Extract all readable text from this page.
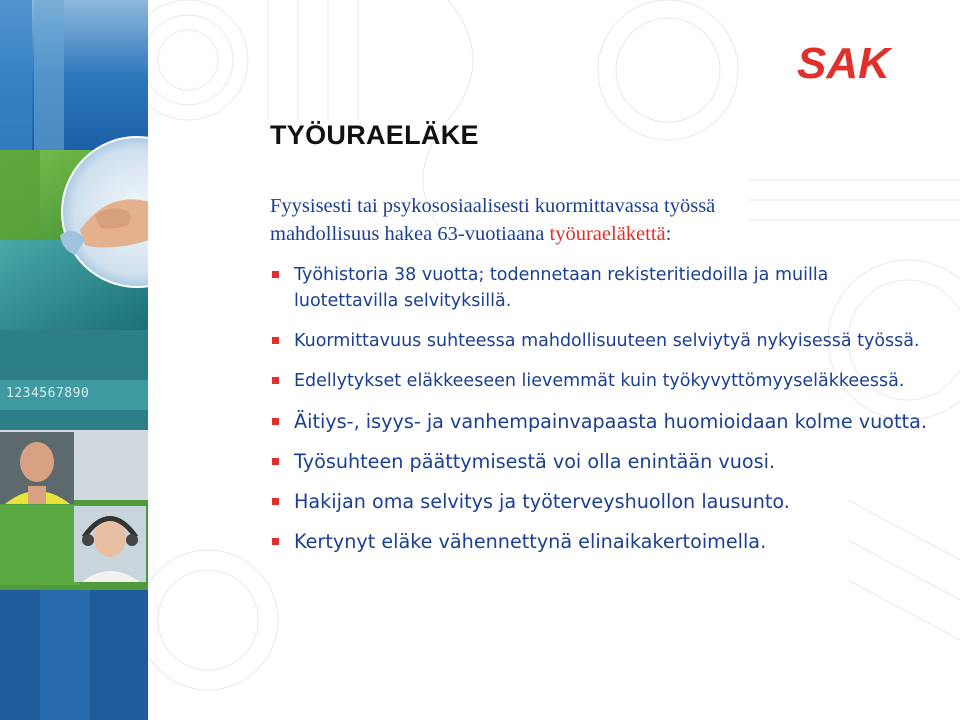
1234567890
SAK
TYÖURAELÄKE

Fyysisesti tai psykososiaalisesti kuormittavassa työssä
mahdollisuus hakea 63-vuotiaana työuraeläkettä:

Työhistoria 38 vuotta; todennetaan rekisteritiedoilla ja muilla luotettavilla selvityksillä.
Kuormittavuus suhteessa mahdollisuuteen selviytyä nykyisessä työssä.
Edellytykset eläkkeeseen lievemmät kuin työkyvyttömyyseläkkeessä.
Äitiys-, isyys- ja vanhempainvapaasta huomioidaan kolme vuotta.
Työsuhteen päättymisestä voi olla enintään vuosi.
Hakijan oma selvitys ja työterveyshuollon lausunto.
Kertynyt eläke vähennettynä elinaikakertoimella.
